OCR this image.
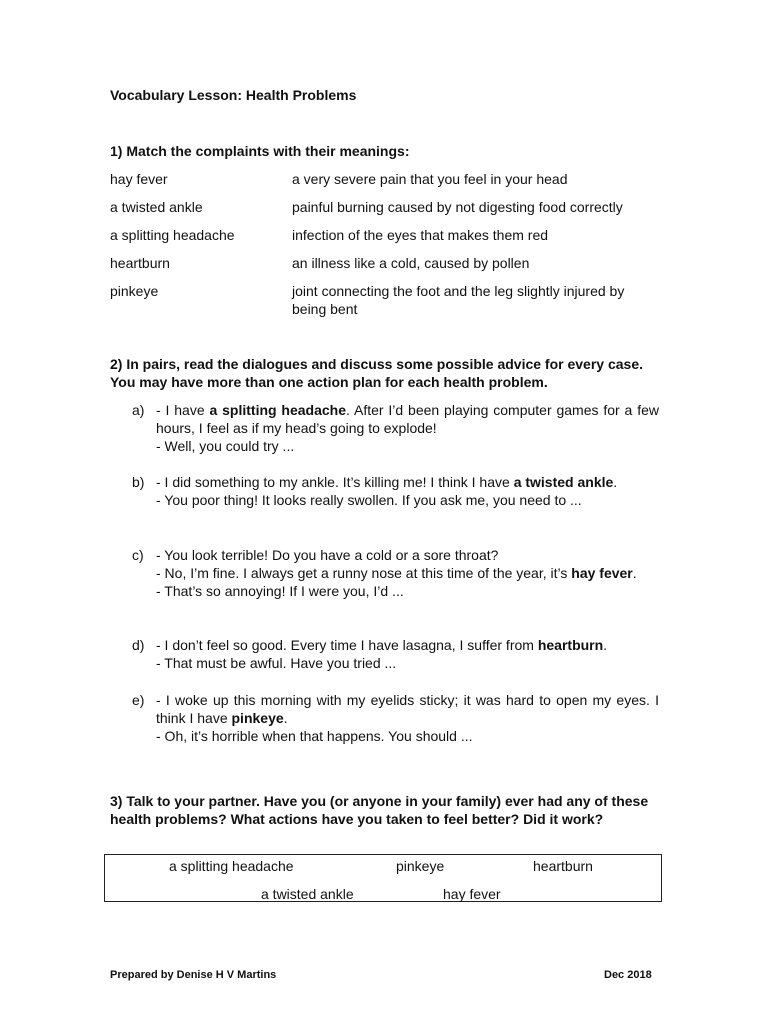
Vocabulary Lesson: Health Problems
1) Match the complaints with their meanings:
hay fever	a very severe pain that you feel in your head
a twisted ankle	painful burning caused by not digesting food correctly
a splitting headache	infection of the eyes that makes them red
heartburn	an illness like a cold, caused by pollen
pinkeye	joint connecting the foot and the leg slightly injured by being bent
2) In pairs, read the dialogues and discuss some possible advice for every case. You may have more than one action plan for each health problem.
a) - I have a splitting headache. After I’d been playing computer games for a few hours, I feel as if my head’s going to explode!
- Well, you could try ...
b) - I did something to my ankle. It’s killing me! I think I have a twisted ankle.
- You poor thing! It looks really swollen. If you ask me, you need to ...
c) - You look terrible! Do you have a cold or a sore throat?
- No, I’m fine. I always get a runny nose at this time of the year, it’s hay fever.
- That’s so annoying! If I were you, I’d ...
d) - I don’t feel so good. Every time I have lasagna, I suffer from heartburn.
- That must be awful. Have you tried ...
e) - I woke up this morning with my eyelids sticky; it was hard to open my eyes. I think I have pinkeye.
- Oh, it’s horrible when that happens. You should ...
3) Talk to your partner. Have you (or anyone in your family) ever had any of these health problems? What actions have you taken to feel better? Did it work?
a splitting headache	pinkeye	heartburn
a twisted ankle	hay fever
Prepared by Denise H V Martins	Dec 2018
